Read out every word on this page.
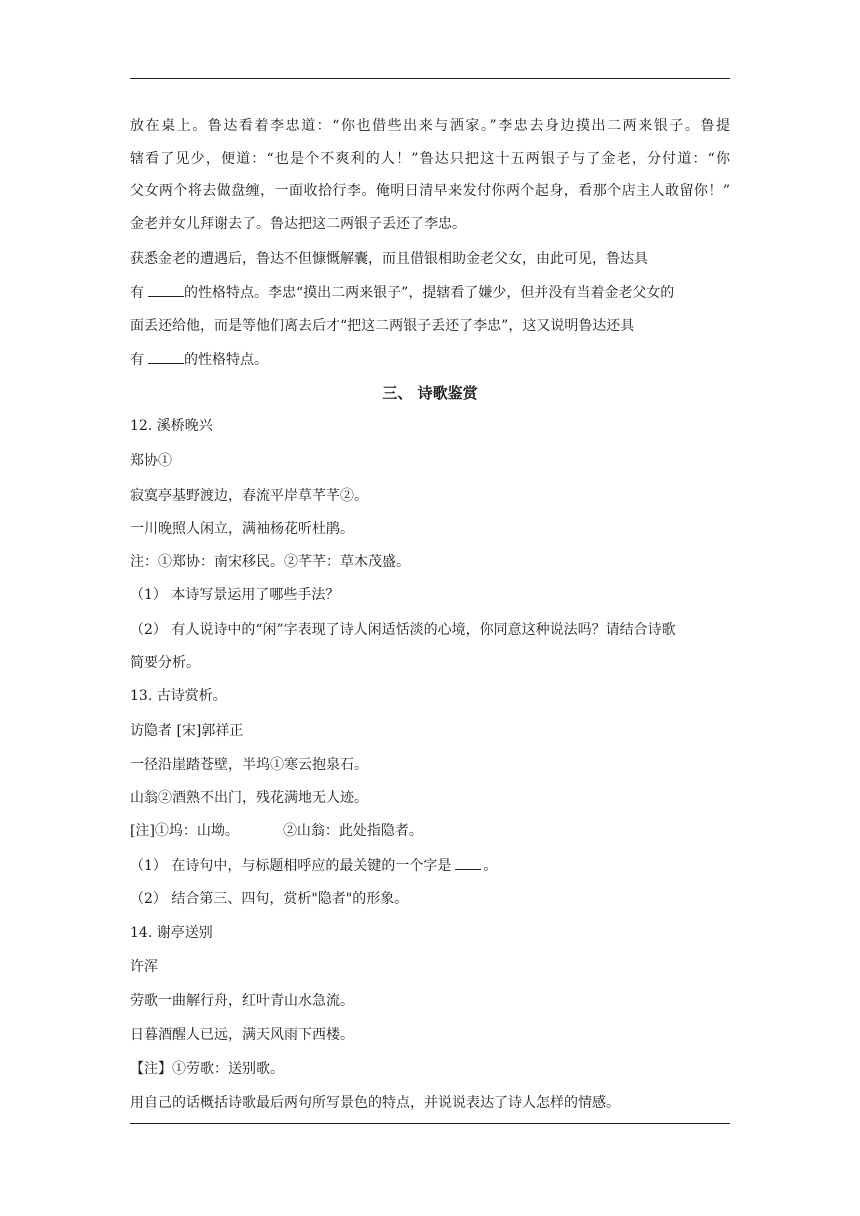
放在桌上。鲁达看着李忠道：“你也借些出来与洒家。”李忠去身边摸出二两来银子。鲁提
辖看了见少，便道：“也是个不爽利的人！”鲁达只把这十五两银子与了金老，分付道：“你
父女两个将去做盘缠，一面收拾行李。俺明日清早来发付你两个起身，看那个店主人敢留你！”
金老并女儿拜谢去了。鲁达把这二两银子丢还了李忠。
获悉金老的遭遇后，鲁达不但慷慨解囊，而且借银相助金老父女，由此可见，鲁达具
有	的性格特点。李忠“摸出二两来银子”，提辖看了嫌少，但并没有当着金老父女的
面丢还给他，而是等他们离去后才“把这二两银子丢还了李忠”，这又说明鲁达还具
有	的性格特点。
三、 诗歌鉴赏
12. 溪桥晚兴
郑协①
寂寞亭基野渡边，春流平岸草芊芊②。
一川晚照人闲立，满袖杨花听杜鹃。
注：①郑协：南宋移民。②芊芊：草木茂盛。
（1） 本诗写景运用了哪些手法？
（2） 有人说诗中的“闲”字表现了诗人闲适恬淡的心境，你同意这种说法吗？请结合诗歌
简要分析。
13. 古诗赏析。
访隐者 [宋]郭祥正
一径沿崖踏苍壁，半坞①寒云抱泉石。
山翁②酒熟不出门，残花满地无人迹。
[注]①坞：山坳。	②山翁：此处指隐者。
（1） 在诗句中，与标题相呼应的最关键的一个字是 。
（2） 结合第三、四句，赏析"隐者"的形象。
14. 谢亭送别
许浑
劳歌一曲解行舟，红叶青山水急流。
日暮酒醒人已远，满天风雨下西楼。
【注】①劳歌：送别歌。
用自己的话概括诗歌最后两句所写景色的特点，并说说表达了诗人怎样的情感。
